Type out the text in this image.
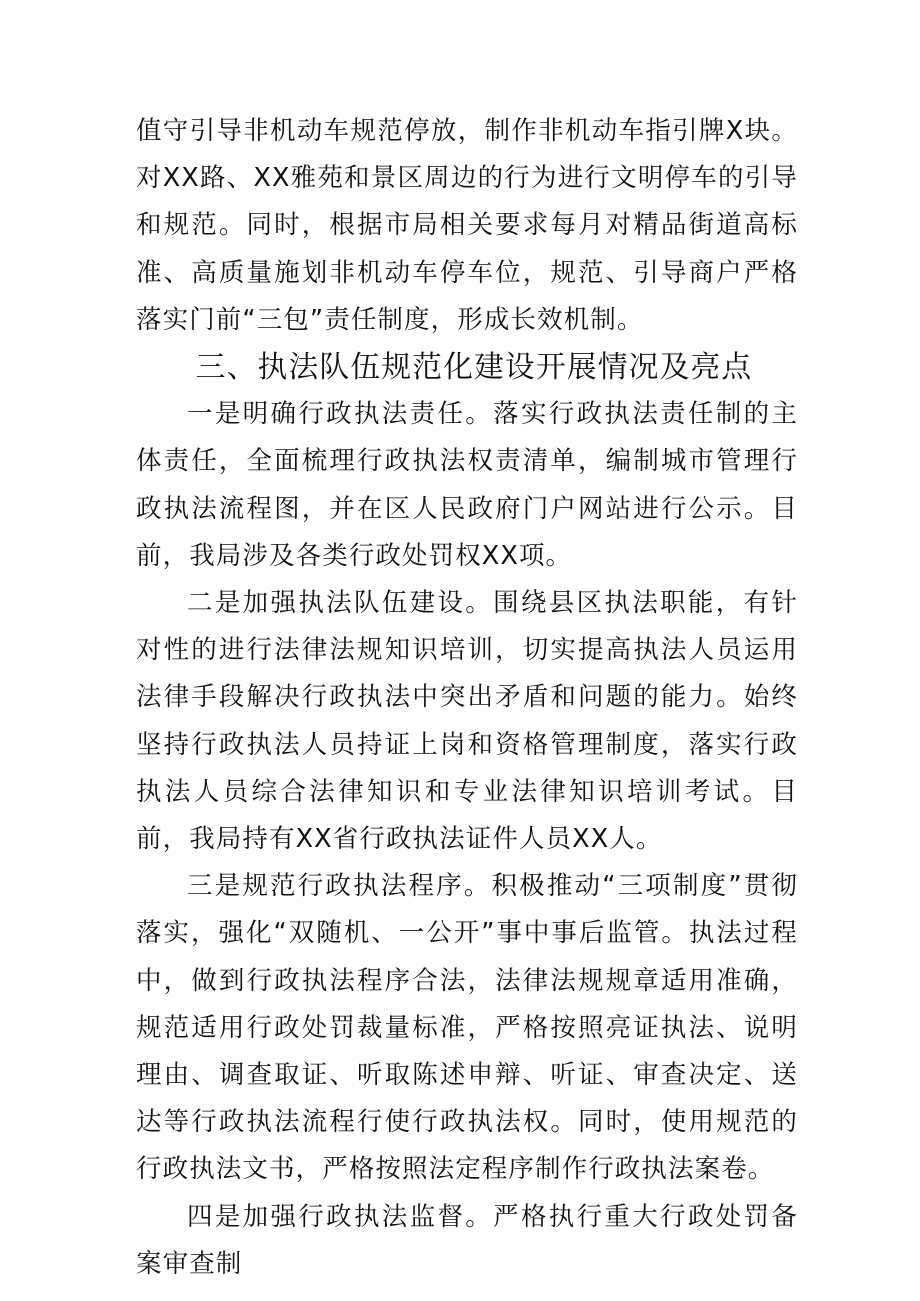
值守引导非机动车规范停放，制作非机动车指引牌X块。对XX路、XX雅苑和景区周边的行为进行文明停车的引导和规范。同时，根据市局相关要求每月对精品街道高标准、高质量施划非机动车停车位，规范、引导商户严格落实门前“三包”责任制度，形成长效机制。

三、执法队伍规范化建设开展情况及亮点

一是明确行政执法责任。落实行政执法责任制的主体责任，全面梳理行政执法权责清单，编制城市管理行政执法流程图，并在区人民政府门户网站进行公示。目前，我局涉及各类行政处罚权XX项。

二是加强执法队伍建设。围绕县区执法职能，有针对性的进行法律法规知识培训，切实提高执法人员运用法律手段解决行政执法中突出矛盾和问题的能力。始终坚持行政执法人员持证上岗和资格管理制度，落实行政执法人员综合法律知识和专业法律知识培训考试。目前，我局持有XX省行政执法证件人员XX人。

三是规范行政执法程序。积极推动“三项制度”贯彻落实，强化“双随机、一公开”事中事后监管。执法过程中，做到行政执法程序合法，法律法规规章适用准确，规范适用行政处罚裁量标准，严格按照亮证执法、说明理由、调查取证、听取陈述申辩、听证、审查决定、送达等行政执法流程行使行政执法权。同时，使用规范的行政执法文书，严格按照法定程序制作行政执法案卷。

四是加强行政执法监督。严格执行重大行政处罚备案审查制
